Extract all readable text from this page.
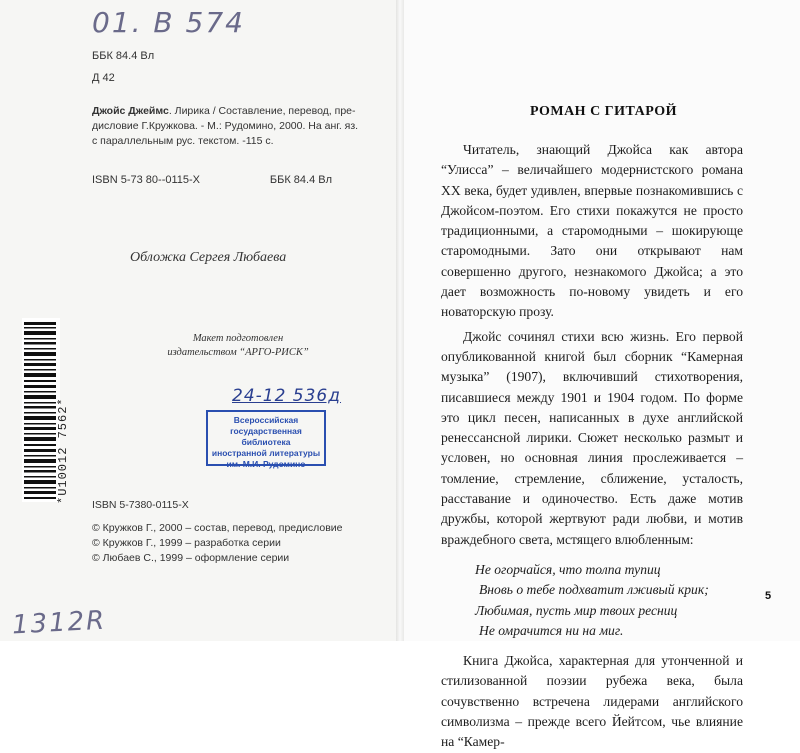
01. B 574
ББК 84.4 Вл
Д 42
Джойс Джеймс. Лирика / Составление, перевод, пре-
дисловие Г.Кружкова. - М.: Рудомино, 2000. На анг. яз.
с параллельным рус. текстом. -115 с.
ISBN 5-73 80--0115-Х	ББК 84.4 Вл
Обложка Сергея Любаева
Макет подготовлен
издательством “АРГО-РИСК”
*U10012 7562*
24-12 536д
Всероссийская
государственная библиотека
иностранной литературы
им. М.И. Рудомино
ISBN 5-7380-0115-Х
© Кружков Г., 2000 – состав, перевод, предисловие
© Кружков Г., 1999 – разработка серии
© Любаев С., 1999 – оформление серии
1312R
РОМАН С ГИТАРОЙ

Читатель, знающий Джойса как автора “Улисса” – величайшего модернистского романа XX века, будет удивлен, впервые познакомившись с Джойсом-поэтом. Его стихи покажутся не просто традиционными, а старомодными – шокирующе старомодными. Зато они открывают нам совершенно другого, незнакомого Джойса; а это дает возможность по-новому увидеть и его новаторскую прозу.

Джойс сочинял стихи всю жизнь. Его первой опубликованной книгой был сборник “Камерная музыка” (1907), включивший стихотворения, писавшиеся между 1901 и 1904 годом. По форме это цикл песен, написанных в духе английской ренессансной лирики. Сюжет несколько размыт и условен, но основная линия прослеживается – томление, стремление, сближение, усталость, расставание и одиночество. Есть даже мотив дружбы, которой жертвуют ради любви, и мотив враждебного света, мстящего влюбленным:

Не огорчайся, что толпа тупиц
Вновь о тебе подхватит лживый крик;
Любимая, пусть мир твоих ресниц
Не омрачится ни на миг.

Книга Джойса, характерная для утонченной и стилизованной поэзии рубежа века, была сочувственно встречена лидерами английского символизма – прежде всего Йейтсом, чье влияние на “Камер-

5
